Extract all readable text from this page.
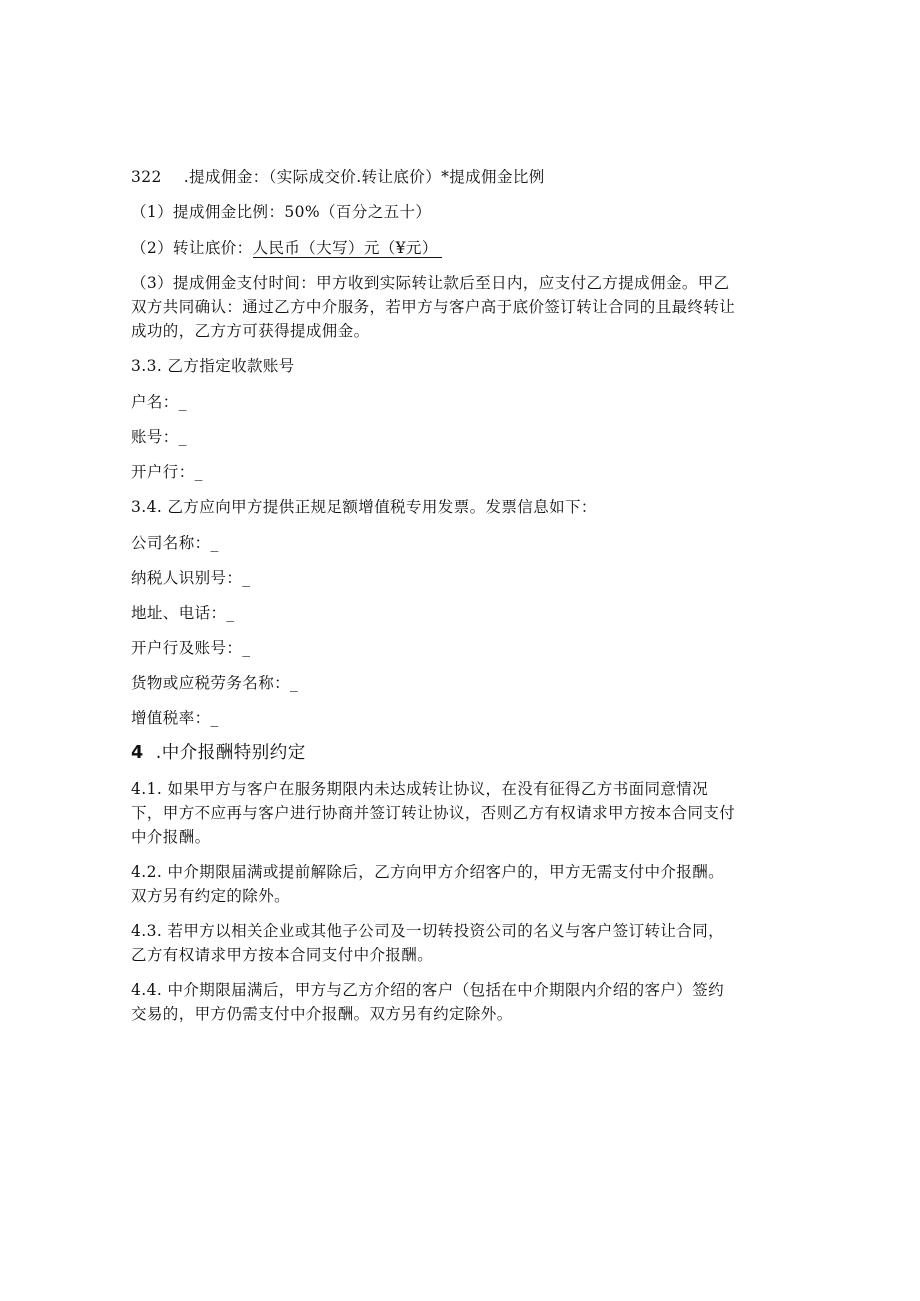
322 .提成佣金：（实际成交价.转让底价）*提成佣金比例
（1）提成佣金比例：50%（百分之五十）
（2）转让底价：人民币（大写）元（¥元）
（3）提成佣金支付时间：甲方收到实际转让款后至日内，应支付乙方提成佣金。甲乙
双方共同确认：通过乙方中介服务，若甲方与客户高于底价签订转让合同的且最终转让
成功的，乙方方可获得提成佣金。
3.3. 乙方指定收款账号
户名：_
账号：_
开户行：_
3.4. 乙方应向甲方提供正规足额增值税专用发票。发票信息如下：
公司名称：_
纳税人识别号：_
地址、电话：_
开户行及账号：_
货物或应税劳务名称：_
增值税率：_
4 .中介报酬特别约定
4.1. 如果甲方与客户在服务期限内未达成转让协议，在没有征得乙方书面同意情况
下，甲方不应再与客户进行协商并签订转让协议，否则乙方有权请求甲方按本合同支付
中介报酬。
4.2. 中介期限届满或提前解除后，乙方向甲方介绍客户的，甲方无需支付中介报酬。
双方另有约定的除外。
4.3. 若甲方以相关企业或其他子公司及一切转投资公司的名义与客户签订转让合同，
乙方有权请求甲方按本合同支付中介报酬。
4.4. 中介期限届满后，甲方与乙方介绍的客户（包括在中介期限内介绍的客户）签约
交易的，甲方仍需支付中介报酬。双方另有约定除外。
